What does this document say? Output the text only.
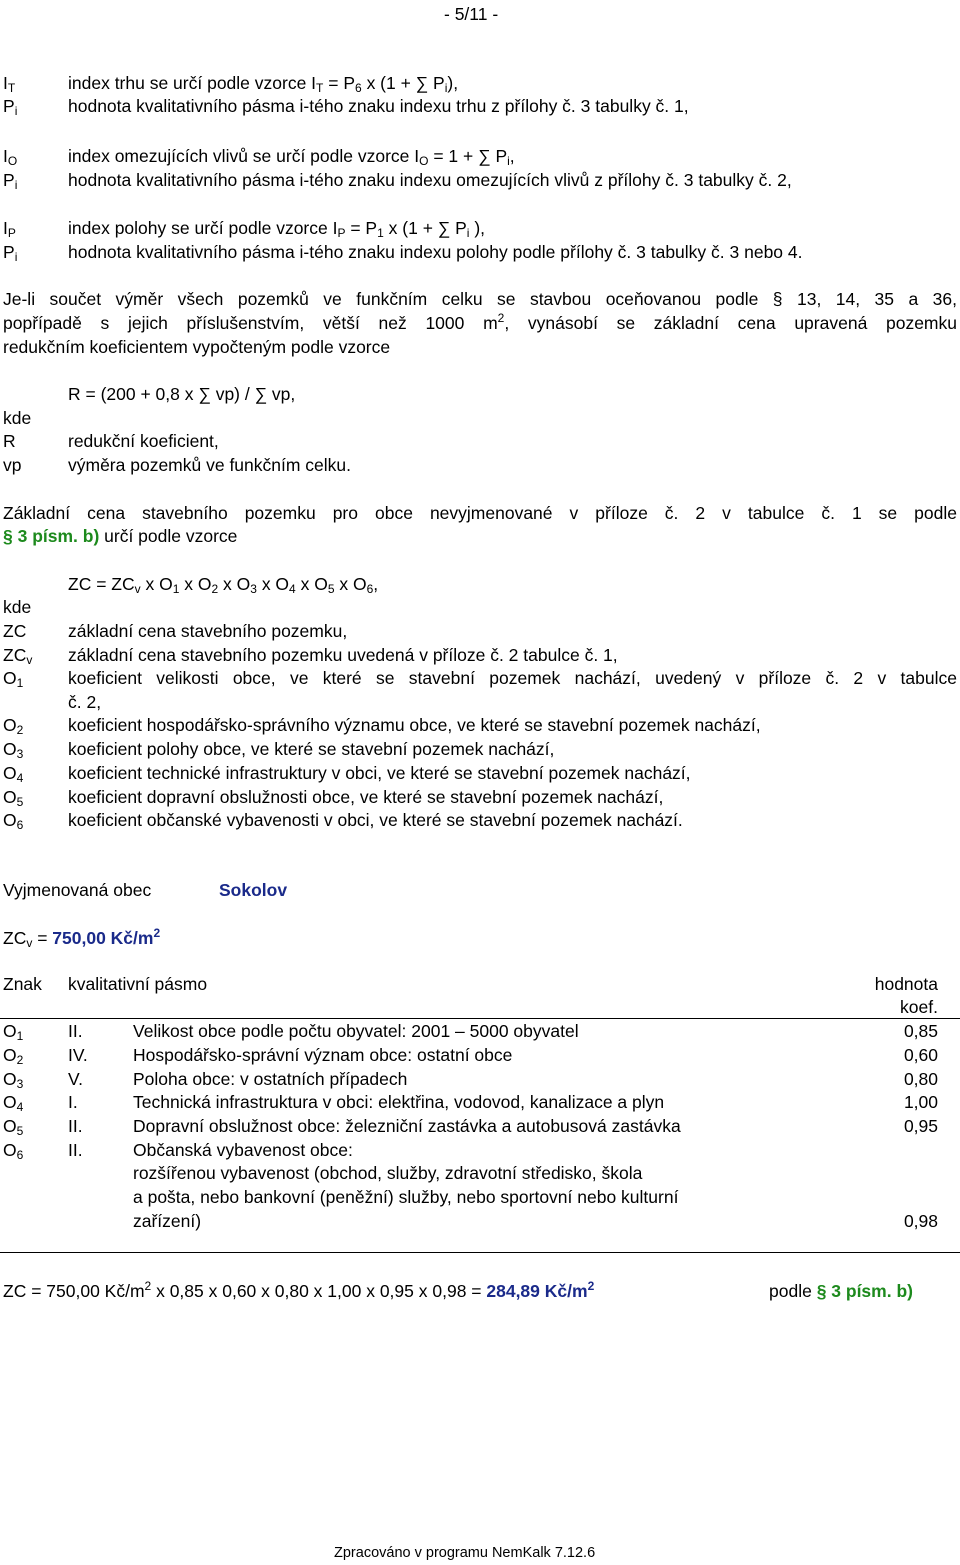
- 5/11 -
$I_T$	index trhu se určí podle vzorce $I_T = P_6$ x (1 + ∑ $P_i$),
$P_i$	hodnota kvalitativního pásma i-tého znaku indexu trhu z přílohy č. 3 tabulky č. 1,
$I_O$	index omezujících vlivů se určí podle vzorce $I_O = 1$ + ∑ $P_i$,
$P_i$	hodnota kvalitativního pásma i-tého znaku indexu omezujících vlivů z přílohy č. 3 tabulky č. 2,
$I_P$	index polohy se určí podle vzorce $I_P = P_1$ x (1 + ∑ $P_i$ ),
$P_i$	hodnota kvalitativního pásma i-tého znaku indexu polohy podle přílohy č. 3 tabulky č. 3 nebo 4.
Je-li součet výměr všech pozemků ve funkčním celku se stavbou oceňovanou podle § 13, 14, 35 a 36,
popřípadě s jejich příslušenstvím, větší než 1000 $m^2$, vynásobí se základní cena upravená pozemku
redukčním koeficientem vypočteným podle vzorce
R = (200 + 0,8 x ∑ vp) / ∑ vp,
kde
R	redukční koeficient,
vp	výměra pozemků ve funkčním celku.
Základní cena stavebního pozemku pro obce nevyjmenované v příloze č. 2 v tabulce č. 1 se podle
§ 3 písm. b) určí podle vzorce
ZC = $ZC_v$ x $O_1$ x $O_2$ x $O_3$ x $O_4$ x $O_5$ x $O_6$,
kde
ZC základní cena stavebního pozemku,
$ZC_v$ základní cena stavebního pozemku uvedená v příloze č. 2 tabulce č. 1,
$O_1$	koeficient velikosti obce, ve které se stavební pozemek nachází, uvedený v příloze č. 2 v tabulce
č. 2,
$O_2$	koeficient hospodářsko-správního významu obce, ve které se stavební pozemek nachází,
$O_3$	koeficient polohy obce, ve které se stavební pozemek nachází,
$O_4$	koeficient technické infrastruktury v obci, ve které se stavební pozemek nachází,
$O_5$	koeficient dopravní obslužnosti obce, ve které se stavební pozemek nachází,
$O_6$	koeficient občanské vybavenosti v obci, ve které se stavební pozemek nachází.
Vyjmenovaná obec	Sokolov
$ZC_v = 750,00$ $Kč/m^2$
Znak kvalitativní pásmo	hodnota
koef.
$O_1$	II.	Velikost obce podle počtu obyvatel: 2001 – 5000 obyvatel	0,85
$O_2$	IV.	Hospodářsko-správní význam obce: ostatní obce	0,60
$O_3$	V.	Poloha obce: v ostatních případech	0,80
$O_4$	I.	Technická infrastruktura v obci: elektřina, vodovod, kanalizace a plyn	1,00
$O_5$	II.	Dopravní obslužnost obce: železniční zastávka a autobusová zastávka	0,95
$O_6$	II.	Občanská vybavenost obce:
rozšířenou vybavenost (obchod, služby, zdravotní středisko, škola
a pošta, nebo bankovní (peněžní) služby, nebo sportovní nebo kulturní
zařízení)	0,98
ZC = 750,00 $Kč/m^2$ x 0,85 x 0,60 x 0,80 x 1,00 x 0,95 x 0,98 = 284,89 $Kč/m^2$	podle § 3 písm. b)
Zpracováno v programu NemKalk 7.12.6
